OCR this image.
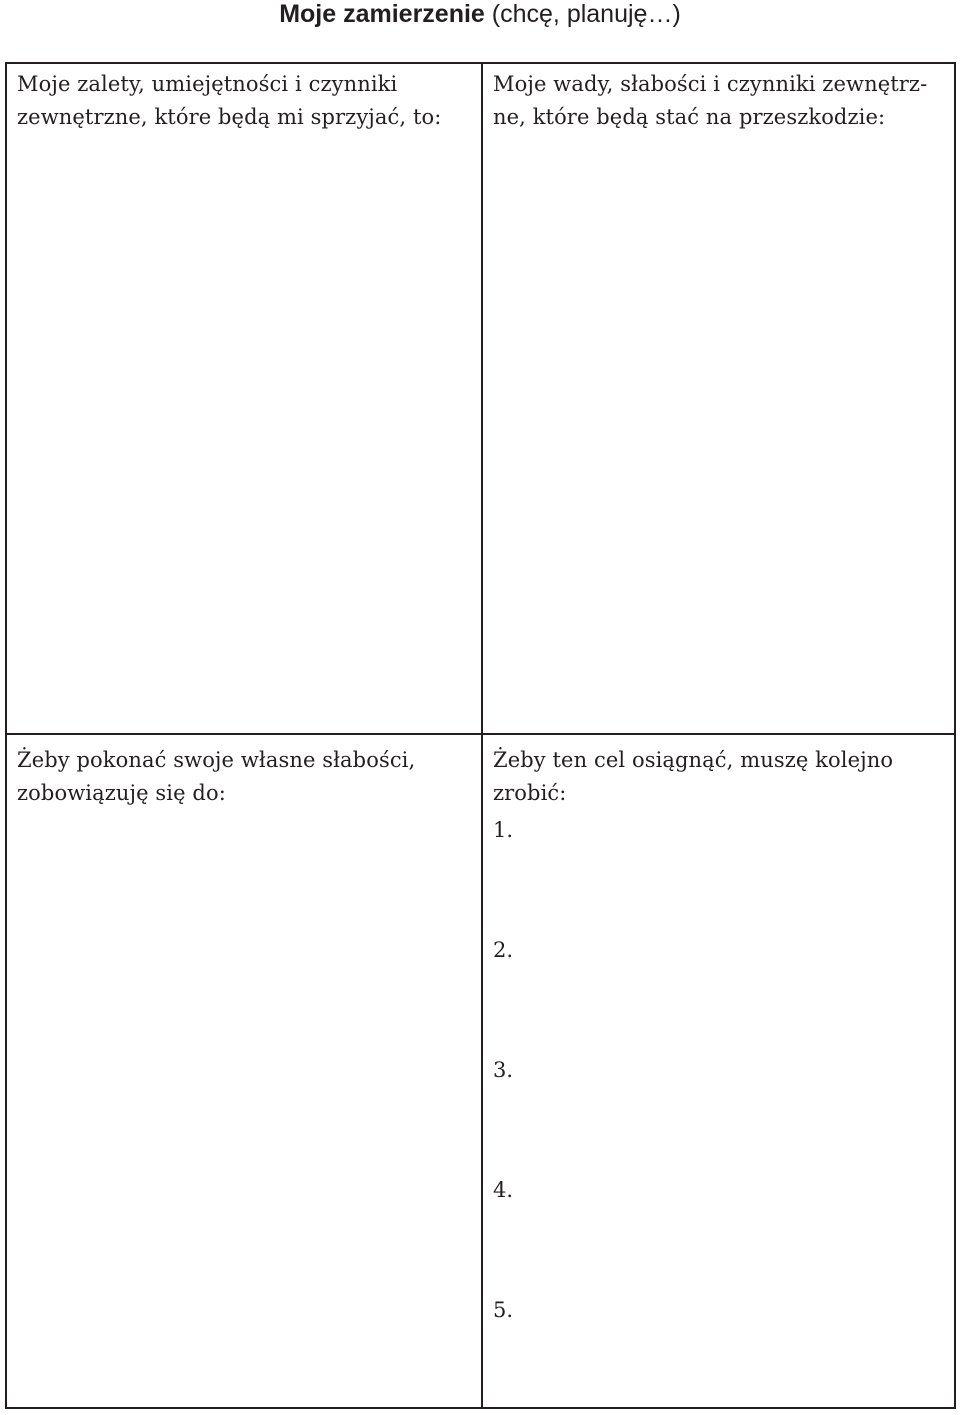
Moje zamierzenie (chcę, planuję…)
Moje zalety, umiejętności i czynniki
zewnętrzne, które będą mi sprzyjać, to:
Moje wady, słabości i czynniki zewnętrz-
ne, które będą stać na przeszkodzie:
Żeby pokonać swoje własne słabości,
zobowiązuję się do:
Żeby ten cel osiągnąć, muszę kolejno
zrobić:
1.
2.
3.
4.
5.
